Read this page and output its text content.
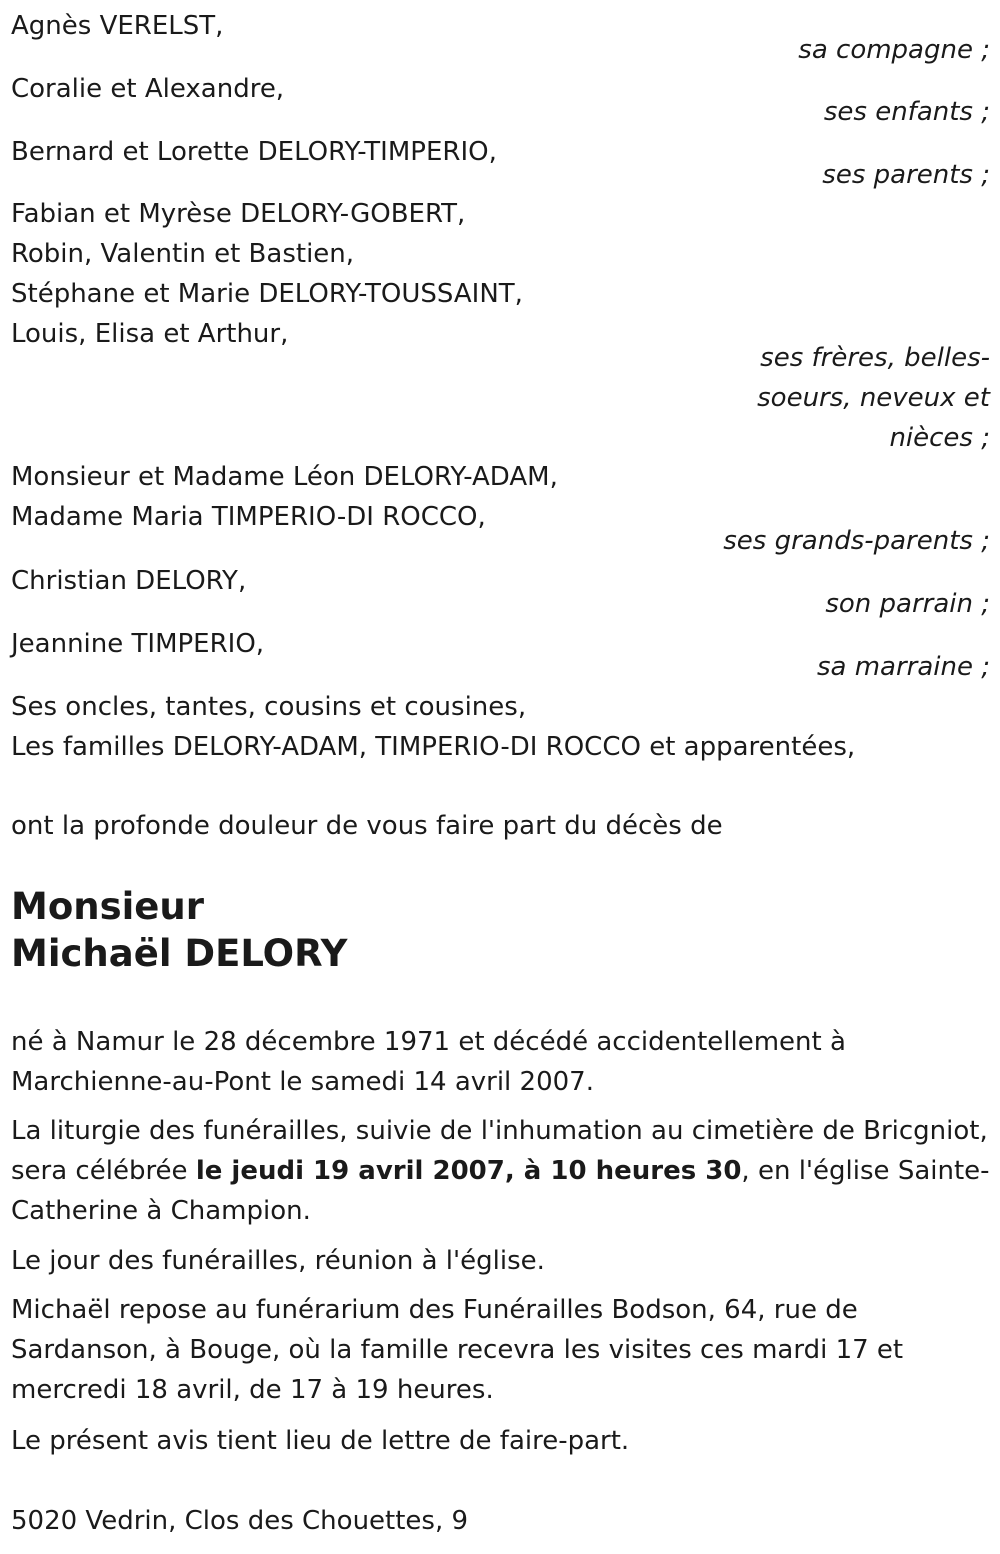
Agnès VERELST,
sa compagne ;
Coralie et Alexandre,
ses enfants ;
Bernard et Lorette DELORY-TIMPERIO,
ses parents ;
Fabian et Myrèse DELORY-GOBERT,
Robin, Valentin et Bastien,
Stéphane et Marie DELORY-TOUSSAINT,
Louis, Elisa et Arthur,
ses frères, belles-soeurs, neveux et nièces ;
Monsieur et Madame Léon DELORY-ADAM,
Madame Maria TIMPERIO-DI ROCCO,
ses grands-parents ;
Christian DELORY,
son parrain ;
Jeannine TIMPERIO,
sa marraine ;
Ses oncles, tantes, cousins et cousines,
Les familles DELORY-ADAM, TIMPERIO-DI ROCCO et apparentées,
ont la profonde douleur de vous faire part du décès de
Monsieur
Michaël DELORY
né à Namur le 28 décembre 1971 et décédé accidentellement à Marchienne-au-Pont le samedi 14 avril 2007.
La liturgie des funérailles, suivie de l'inhumation au cimetière de Bricgniot, sera célébrée le jeudi 19 avril 2007, à 10 heures 30, en l'église Sainte-Catherine à Champion.
Le jour des funérailles, réunion à l'église.
Michaël repose au funérarium des Funérailles Bodson, 64, rue de Sardanson, à Bouge, où la famille recevra les visites ces mardi 17 et mercredi 18 avril, de 17 à 19 heures.
Le présent avis tient lieu de lettre de faire-part.
5020 Vedrin, Clos des Chouettes, 9
